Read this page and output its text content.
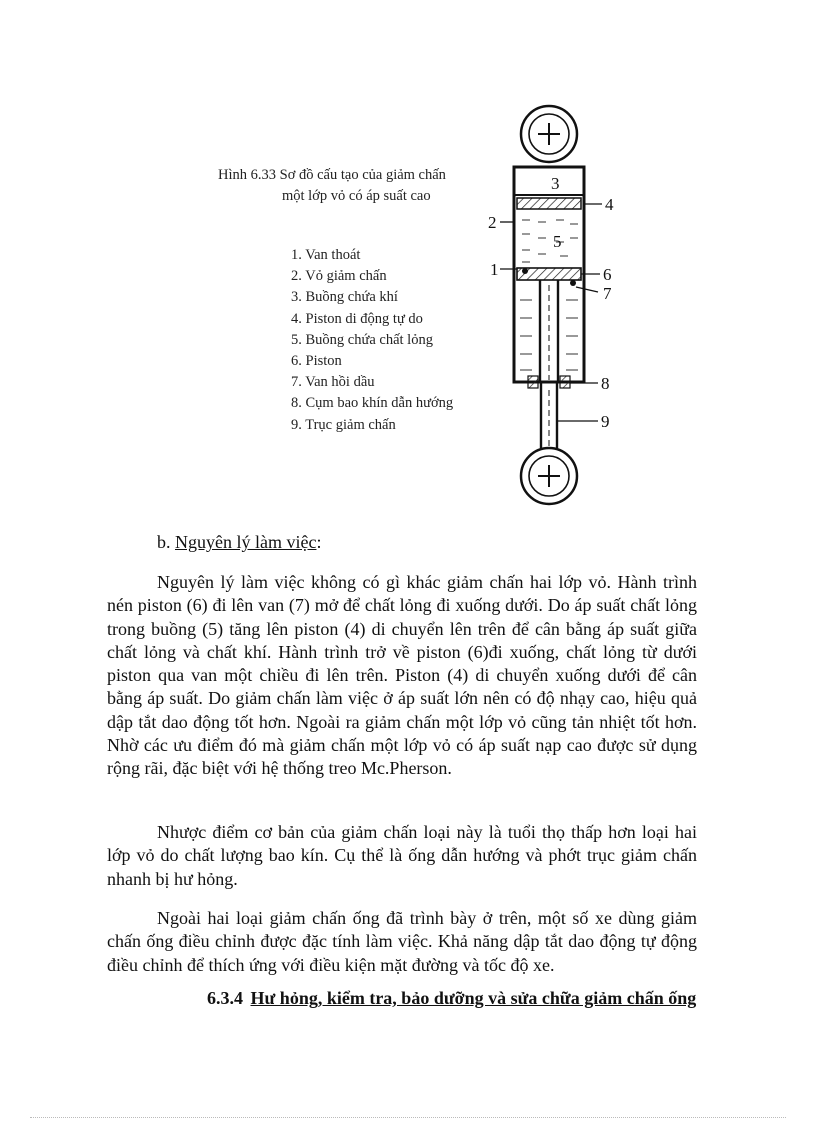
Hình 6.33 Sơ đồ cấu tạo của giảm chấn
một lớp vỏ có áp suất cao
1. Van thoát
2. Vỏ giảm chấn
3. Buồng chứa khí
4. Piston di động tự do
5. Buồng chứa chất lỏng
6. Piston
7. Van hồi dầu
8. Cụm bao khín dẫn hướng
9. Trục giảm chấn
3
4
2
5
1	6
7
8
9
b. Nguyên lý làm việc:

Nguyên lý làm việc không có gì khác giảm chấn hai lớp vỏ. Hành trình nén piston (6) đi lên van (7) mở để chất lỏng đi xuống dưới. Do áp suất chất lỏng trong buồng (5) tăng lên piston (4) di chuyển lên trên để cân bằng áp suất giữa chất lỏng và chất khí. Hành trình trở về piston (6)đi xuống, chất lỏng từ dưới piston qua van một chiều đi lên trên. Piston (4) di chuyển xuống dưới để cân bằng áp suất. Do giảm chấn làm việc ở áp suất lớn nên có độ nhạy cao, hiệu quả dập tắt dao động tốt hơn. Ngoài ra giảm chấn một lớp vỏ cũng tản nhiệt tốt hơn. Nhờ các ưu điểm đó mà giảm chấn một lớp vỏ có áp suất nạp cao được sử dụng rộng rãi, đặc biệt với hệ thống treo Mc.Pherson.

Nhược điểm cơ bản của giảm chấn loại này là tuổi thọ thấp hơn loại hai lớp vỏ do chất lượng bao kín. Cụ thể là ống dẫn hướng và phớt trục giảm chấn nhanh bị hư hỏng.

Ngoài hai loại giảm chấn ống đã trình bày ở trên, một số xe dùng giảm chấn ống điều chỉnh được đặc tính làm việc. Khả năng dập tắt dao động tự động điều chỉnh để thích ứng với điều kiện mặt đường và tốc độ xe.

6.3.4 Hư hỏng, kiểm tra, bảo dưỡng và sửa chữa giảm chấn ống
